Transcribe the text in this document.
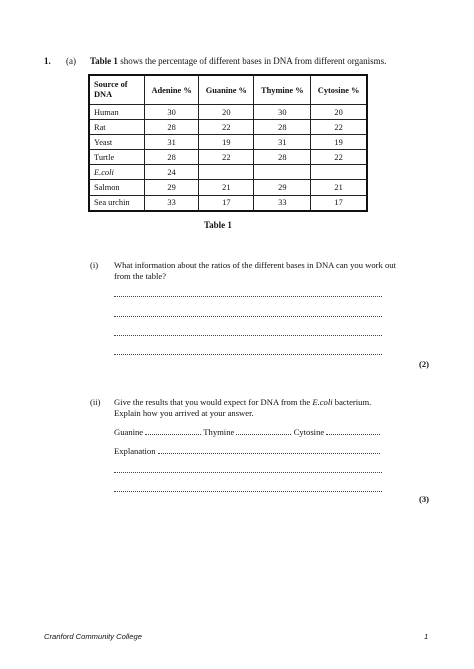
1. (a) Table 1 shows the percentage of different bases in DNA from different organisms.
Source of DNA	Adenine %	Guanine %	Thymine %	Cytosine %
Human	30	20	30	20
Rat	28	22	28	22
Yeast	31	19	31	19
Turtle	28	22	28	22
E.coli	24			
Salmon	29	21	29	21
Sea urchin	33	17	33	17
Table 1
(i) What information about the ratios of the different bases in DNA can you work out from the table?
(2)
(ii) Give the results that you would expect for DNA from the E.coli bacterium. Explain how you arrived at your answer.
Guanine	Thymine	Cytosine
Explanation
(3)
Cranford Community College	1
